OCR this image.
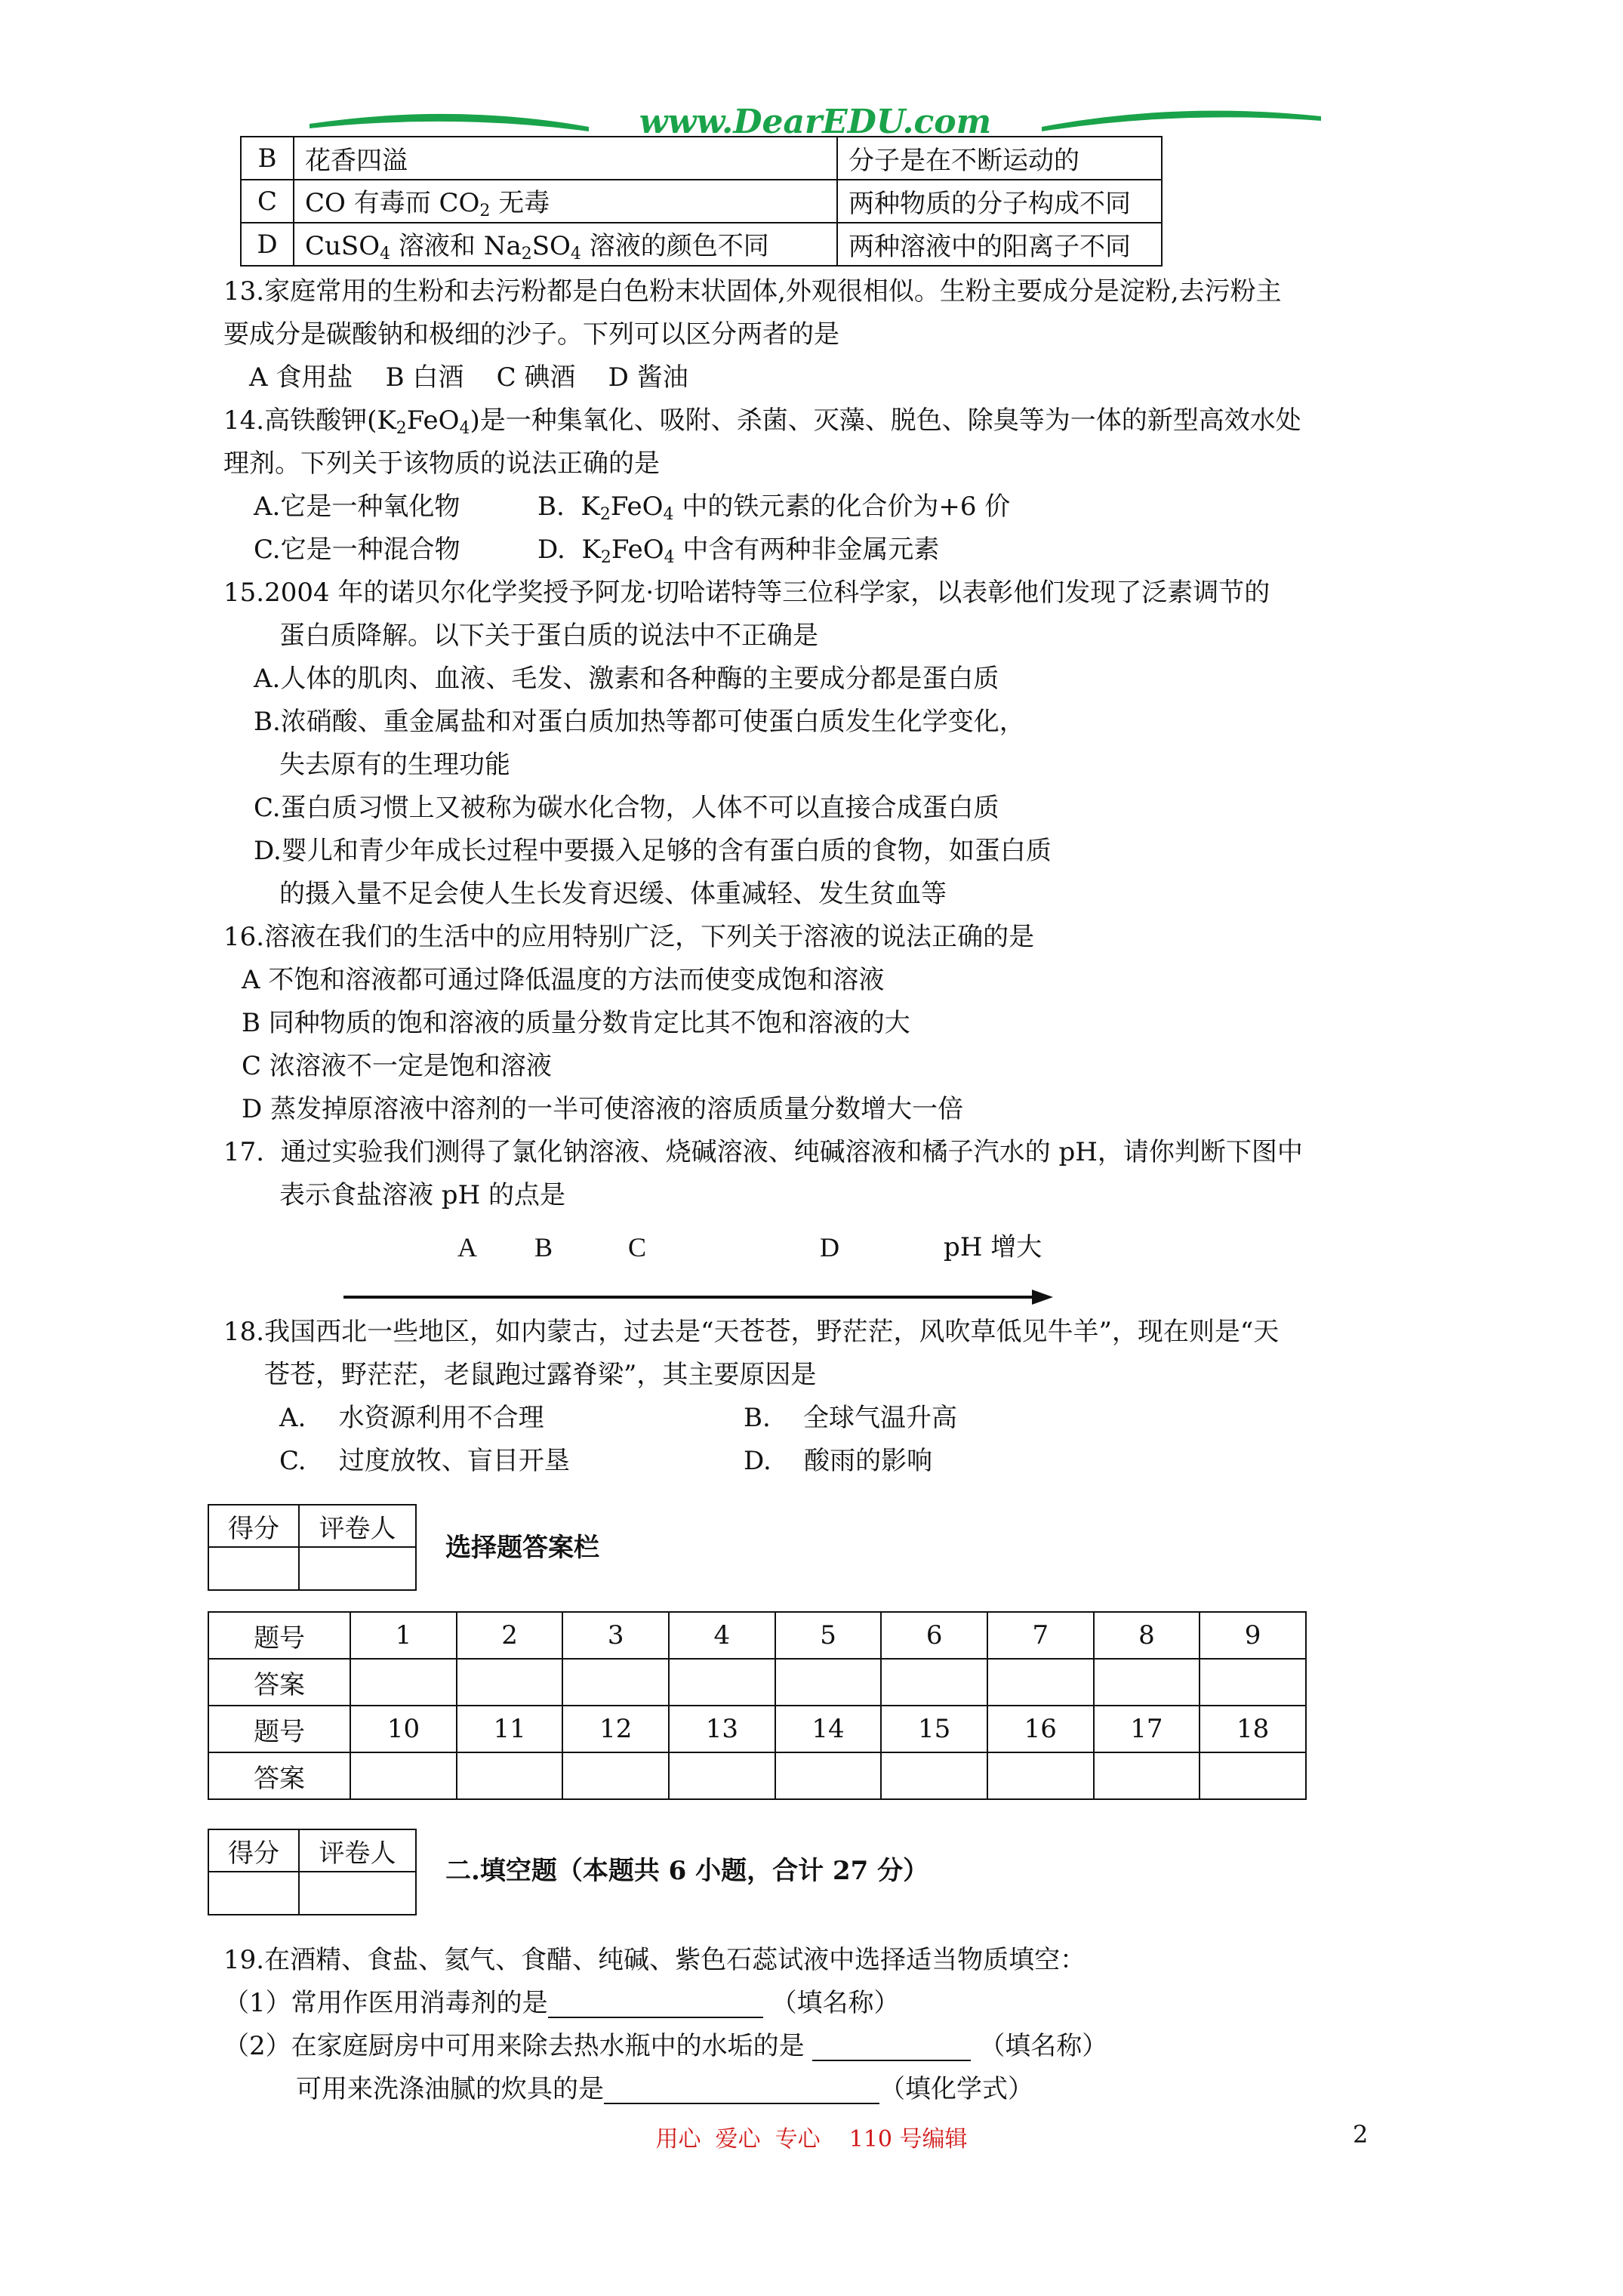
www.DearEDU.com
B	花香四溢	分子是在不断运动的
C	CO 有毒而 $CO_2$ 无毒	两种物质的分子构成不同
D	CuSO$_4$ 溶液和 $Na_2SO_4$ 溶液的颜色不同	两种溶液中的阳离子不同
13.家庭常用的生粉和去污粉都是白色粉末状固体,外观很相似。生粉主要成分是淀粉,去污粉主
要成分是碳酸钠和极细的沙子。下列可以区分两者的是
A 食用盐    B 白酒    C 碘酒    D 酱油
14.高铁酸钾$(K_2FeO_4)$是一种集氧化、吸附、杀菌、灭藻、脱色、除臭等为一体的新型高效水处
理剂。下列关于该物质的说法正确的是
A.它是一种氧化物	B.  $K_2FeO_4$ 中的铁元素的化合价为+6 价
C.它是一种混合物	D.  $K_2FeO_4$ 中含有两种非金属元素
15.2004 年的诺贝尔化学奖授予阿龙·切哈诺特等三位科学家，以表彰他们发现了泛素调节的
蛋白质降解。以下关于蛋白质的说法中不正确是
A.人体的肌肉、血液、毛发、激素和各种酶的主要成分都是蛋白质
B.浓硝酸、重金属盐和对蛋白质加热等都可使蛋白质发生化学变化，
失去原有的生理功能
C.蛋白质习惯上又被称为碳水化合物，人体不可以直接合成蛋白质
D.婴儿和青少年成长过程中要摄入足够的含有蛋白质的食物，如蛋白质
的摄入量不足会使人生长发育迟缓、体重减轻、发生贫血等
16.溶液在我们的生活中的应用特别广泛，下列关于溶液的说法正确的是
A 不饱和溶液都可通过降低温度的方法而使变成饱和溶液
B 同种物质的饱和溶液的质量分数肯定比其不饱和溶液的大
C 浓溶液不一定是饱和溶液
D 蒸发掉原溶液中溶剂的一半可使溶液的溶质质量分数增大一倍
17.  通过实验我们测得了氯化钠溶液、烧碱溶液、纯碱溶液和橘子汽水的 pH，请你判断下图中
表示食盐溶液 pH 的点是
A B	C	D	pH 增大
18.我国西北一些地区，如内蒙古，过去是“天苍苍，野茫茫，风吹草低见牛羊”，现在则是“天
苍苍，野茫茫，老鼠跑过露脊梁”，其主要原因是
A.    水资源利用不合理	B.    全球气温升高
C.    过度放牧、盲目开垦	D.    酸雨的影响
得分	评卷人

选择题答案栏
题号	1	2	3	4	5	6	7	8	9
答案									
题号	10	11	12	13	14	15	16	17	18
答案									
得分	评卷人

二.填空题（本题共 6 小题，合计 27 分）
19.在酒精、食盐、氦气、食醋、纯碱、紫色石蕊试液中选择适当物质填空：
（1）常用作医用消毒剂的是	（填名称）
（2）在家庭厨房中可用来除去热水瓶中的水垢的是	（填名称）
可用来洗涤油腻的炊具的是	（填化学式）
用心  爱心  专心    110 号编辑	2
